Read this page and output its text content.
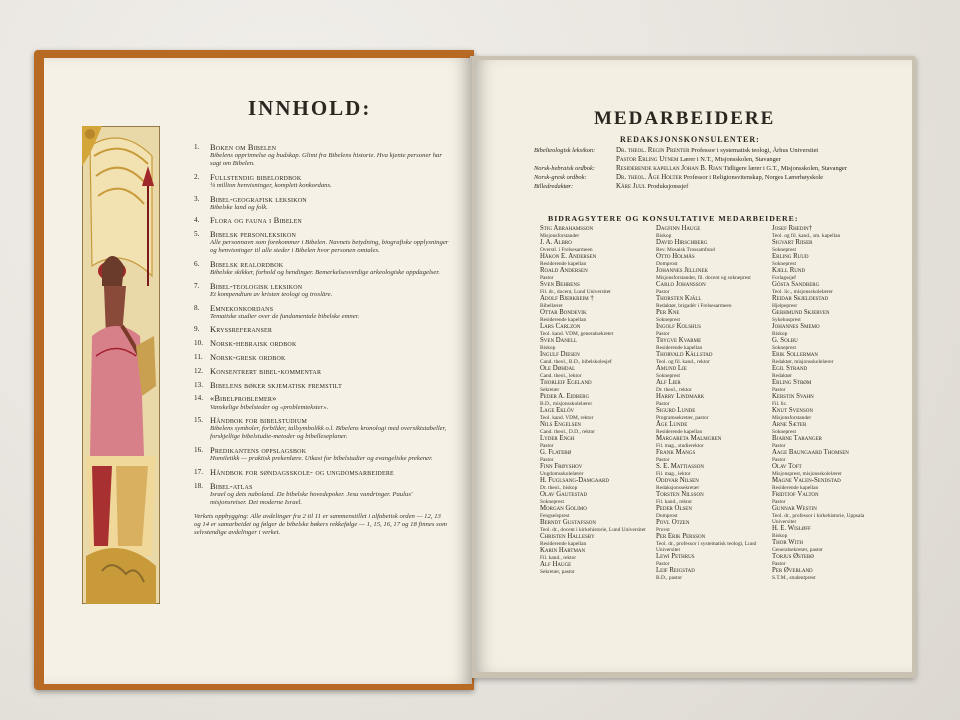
INNHOLD:
1. Boken om Bibelen
Bibelens opprinnelse og budskap. Glimt fra Bibelens historie. Hva kjente personer har sagt om Bibelen.
2. Fullstendig bibelordbok
¼ million henvisninger, komplett konkordans.
3. Bibel-geografisk leksikon
Bibelske land og folk.
4. Flora og fauna i Bibelen
5. Bibelsk personleksikon
Alle personnavn som forekommer i Bibelen. Navnets betydning, biografiske opplysninger og henvisninger til alle steder i Bibelen hvor personen omtales.
6. Bibelsk realordbok
Bibelske skikker, forhold og hendinger. Bemerkelsesverdige arkeologiske oppdagelser.
7. Bibel-teologisk leksikon
Et kompendium av kristen teologi og trosläre.
8. Emnekonkordans
Tematiske studier over de fundamentale bibelske emner.
9. Kryssreferanser
10. Norsk-hebraisk ordbok
11. Norsk-gresk ordbok
12. Konsentrert bibel-kommentar
13. Bibelens bøker skjematisk fremstilt
14. «Bibelproblemer»
Vanskelige bibelsteder og «problemtekster».
15. Håndbok for bibelstudium
Bibelens symboler, forbilder, tallsymbolikk o.l. Bibelens kronologi med oversiktstabeller, forskjellige bibelstudie-metoder og bibelleseplaner.
16. Predikantens oppslagsbok
Homiletikk — praktisk prekenlære. Utkast for bibelstudier og evangeliske prekener.
17. Håndbok for søndagsskole- og ungdomsarbeidere
18. Bibel-atlas
Israel og dets naboland. De bibelske hovedepoker. Jesu vandringer. Paulus' misjonsreiser. Det moderne Israel.
Verkets oppbygging: Alle avdelinger fra 2 til 11 er sammenstillet i alfabetisk orden — 12, 13 og 14 er samarbeidet og følger de bibelske bøkers rekkefølge — 1, 15, 16, 17 og 18 finnes som selvstendige avdelinger i verket.
MEDARBEIDERE
REDAKSJONSKONSULENTER:
Bibelteologisk leksikon:	Dr. theol. Regin Prenter Professor i systematisk teologi, Århus Universitet
Pastor Erling Utnem Lærer i N.T., Misjonsskolen, Stavanger
Norsk-hebraisk ordbok:	Residerende kapellan Johan B. Rian Tidligere lærer i G.T., Misjonsskolen, Stavanger
Norsk-gresk ordbok:	Dr. theol. Åge Holter Professor i Religionsvitenskap, Norges Lærerhøyskole
Billedredaktør:	Kåre Juul Produksjonssjef
BIDRAGSYTERE OG KONSULTATIVE MEDARBEIDERE:
Stig Abrahamsson
Misjonsforstander
J. A. Albro
Overstl. i Frelsesarmeen
Håkon E. Andersen
Residerende kapellan
Roald Andersen
Pastor
Sven Behrens
Fil. dr., docent, Lund Universitet
Adolf Bjerkreim †
Bibellærer
Ottar Bondevik
Residerende kapellan
Lars Carlzon
Teol. kand. VDM, generalsekreter
Sven Danell
Biskop
Ingulf Diesen
Cand. theol., B.D., bibelskolesjef
Ole Døhdal
Cand. theol., lektor
Thorleif Egeland
Sekretær
Peder A. Eidberg
B.D., misjonsskolelærer
Lage Eklöv
Teol. kand. VDM, rektor
Nils Engelsen
Cand. theol., D.D., rektor
Lyder Engh
Pastor
G. Flatebø
Pastor
Finn Frøyshov
Ungdomsskolelærer
H. Fuglsang-Damgaard
Dr. theol., biskop
Olav Gautestad
Sokneprest
Morgan Golimo
Fengselsprest
Berndt Gustafsson
Teol. dr., docent i kirkehistorie, Lund Universitet
Christen Hallesby
Residerende kapellan
Karin Hartman
Fil. kand., rektor
Alf Hauge
Sekretær, pastor
Dagfinn Hauge
Biskop
David Hirschberg
Rev. Mosaisk Trossamfund
Otto Holmås
Domprost
Johannes Jellinek
Misjonsforstander, fil. docent og sokneprest
Carlo Johansson
Pastor
Thorsten Kjäll
Redaktør, brigadér i Frelsesarmeen
Per Kne
Sokneprest
Ingolf Kolshus
Pastor
Trygve Kvarme
Residerende kapellan
Thorvald Källstad
Teol. og fil. kand., rektor
Amund Lie
Sokneprest
Alf Lier
Dr. theol., rektor
Harry Lindmark
Pastor
Sigurd Lunde
Programsekretær, pastor
Åge Lunde
Residerende kapellan
Margareta Malmgren
Fil. mag., studierektor
Frank Mangs
Pastor
S. E. Mattiasson
Fil. mag., lektor
Oddvar Nilsen
Redaksjonssekretær
Torsten Nilsson
Fil. kand., rektor
Peder Olsen
Domprost
Povl Otzen
Provst
Per Erik Persson
Teol. dr., professor i systematisk teologi, Lund Universitet
Lewi Pethrus
Pastor
Leif Reigstad
B.D., pastor
Josef Rhedin†
Teol. og fil. kand., sm. kapellan
Sigvart Riiser
Sokneprest
Erling Ruud
Sokneprest
Kjell Rund
Forlagssjef
Gösta Sandberg
Teol. lic., misjonsskolelærer
Reidar Skjeldestad
Hjelpeprest
Gerhmund Skjerven
Sykehusprest
Johannes Smemo
Biskop
G. Solbu
Sokneprest
Erik Sollerman
Redaktør, misjonsskolelærer
Egil Strand
Redaktør
Erling Strøm
Pastor
Kerstin Svahn
Fil. lic.
Knut Svenson
Misjonsforstander
Arne Sæter
Sokneprest
Bjarne Taranger
Pastor
Aage Baungaard Thomsen
Pastor
Olav Toft
Misjonsprest, misjonsskolelærer
Magne Valen-Sendstad
Residerende kapellan
Fridtjof Valton
Pastor
Gunnar Westin
Teol. dr., professor i kirkehistorie, Uppsala Universitet
H. E. Wisløff
Biskop
Thor With
Generalsekretær, pastor
Torjus Østebø
Pastor
Per Øverland
S.T.M., studentprest
